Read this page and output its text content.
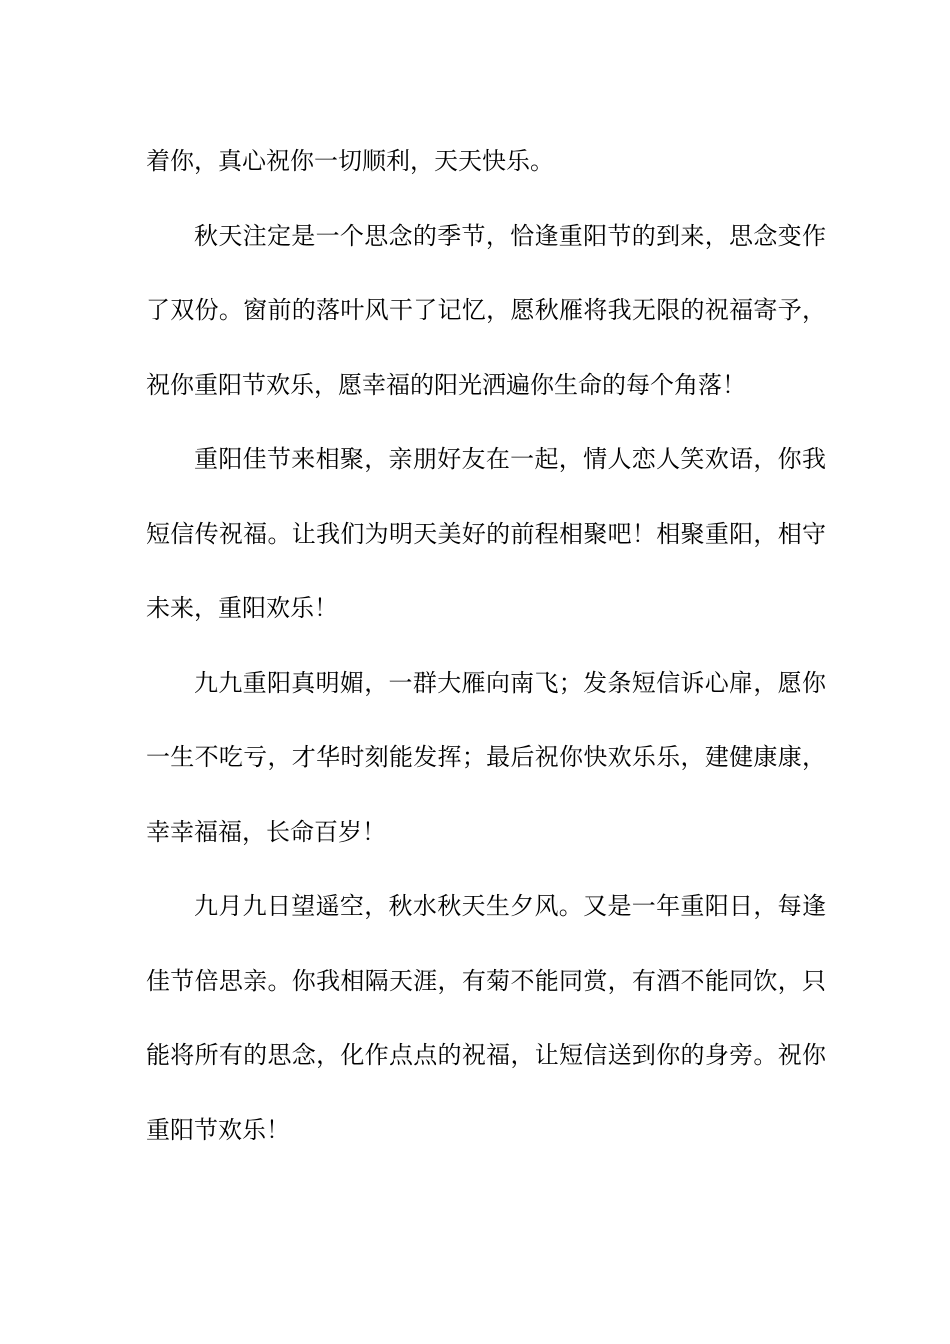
着你，真心祝你一切顺利，天天快乐。

秋天注定是一个思念的季节，恰逢重阳节的到来，思念变作了双份。窗前的落叶风干了记忆，愿秋雁将我无限的祝福寄予，祝你重阳节欢乐，愿幸福的阳光洒遍你生命的每个角落！

重阳佳节来相聚，亲朋好友在一起，情人恋人笑欢语，你我短信传祝福。让我们为明天美好的前程相聚吧！相聚重阳，相守未来，重阳欢乐！

九九重阳真明媚，一群大雁向南飞；发条短信诉心扉，愿你一生不吃亏，才华时刻能发挥；最后祝你快欢乐乐，建健康康，幸幸福福，长命百岁！

九月九日望遥空，秋水秋天生夕风。又是一年重阳日，每逢佳节倍思亲。你我相隔天涯，有菊不能同赏，有酒不能同饮，只能将所有的思念，化作点点的祝福，让短信送到你的身旁。祝你重阳节欢乐！
